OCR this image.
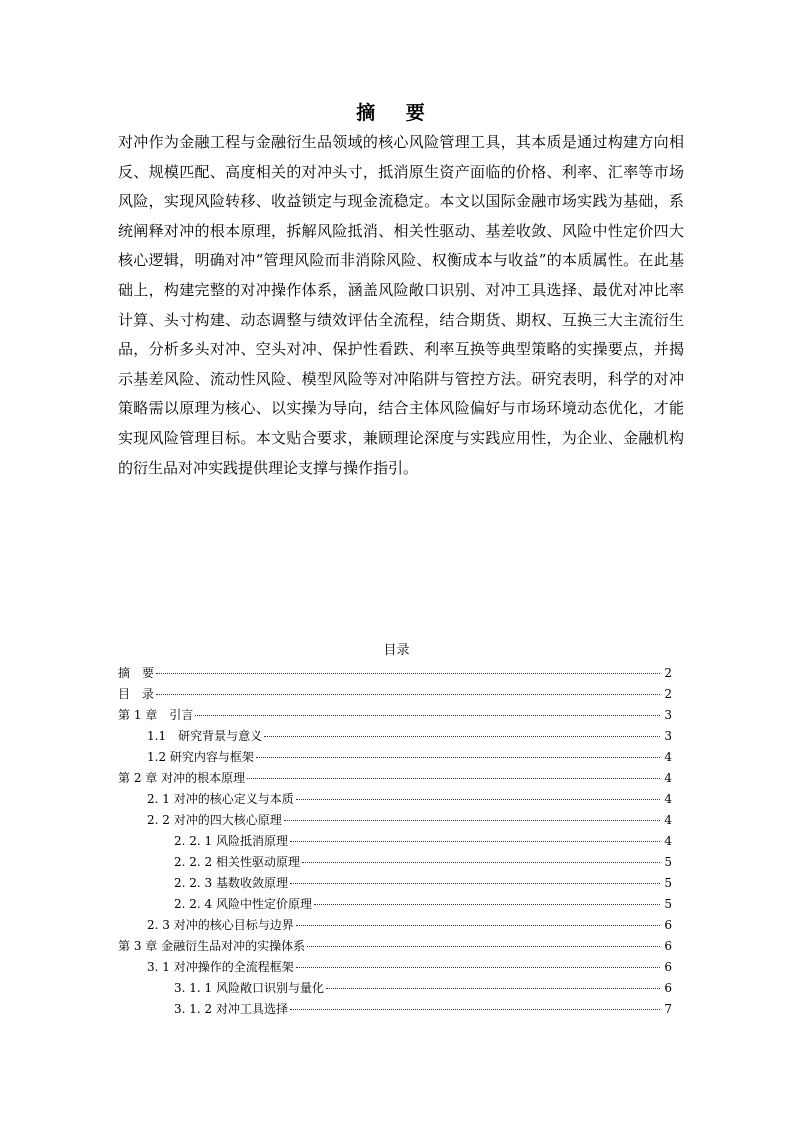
摘 要

对冲作为金融工程与金融衍生品领域的核心风险管理工具，其本质是通过构建方向相反、规模匹配、高度相关的对冲头寸，抵消原生资产面临的价格、利率、汇率等市场风险，实现风险转移、收益锁定与现金流稳定。本文以国际金融市场实践为基础，系统阐释对冲的根本原理，拆解风险抵消、相关性驱动、基差收敛、风险中性定价四大核心逻辑，明确对冲“管理风险而非消除风险、权衡成本与收益”的本质属性。在此基础上，构建完整的对冲操作体系，涵盖风险敞口识别、对冲工具选择、最优对冲比率计算、头寸构建、动态调整与绩效评估全流程，结合期货、期权、互换三大主流衍生品，分析多头对冲、空头对冲、保护性看跌、利率互换等典型策略的实操要点，并揭示基差风险、流动性风险、模型风险等对冲陷阱与管控方法。研究表明，科学的对冲策略需以原理为核心、以实操为导向，结合主体风险偏好与市场环境动态优化，才能实现风险管理目标。本文贴合要求，兼顾理论深度与实践应用性，为企业、金融机构的衍生品对冲实践提供理论支撑与操作指引。

目录
摘　要	2
目　录	2
第 1 章　引言	3
1.1　研究背景与意义	3
1.2 研究内容与框架	4
第 2 章 对冲的根本原理	4
2. 1 对冲的核心定义与本质	4
2. 2 对冲的四大核心原理	4
2. 2. 1 风险抵消原理	4
2. 2. 2 相关性驱动原理	5
2. 2. 3 基数收敛原理	5
2. 2. 4 风险中性定价原理	5
2. 3 对冲的核心目标与边界	6
第 3 章 金融衍生品对冲的实操体系	6
3. 1 对冲操作的全流程框架	6
3. 1. 1 风险敞口识别与量化	6
3. 1. 2 对冲工具选择	7
